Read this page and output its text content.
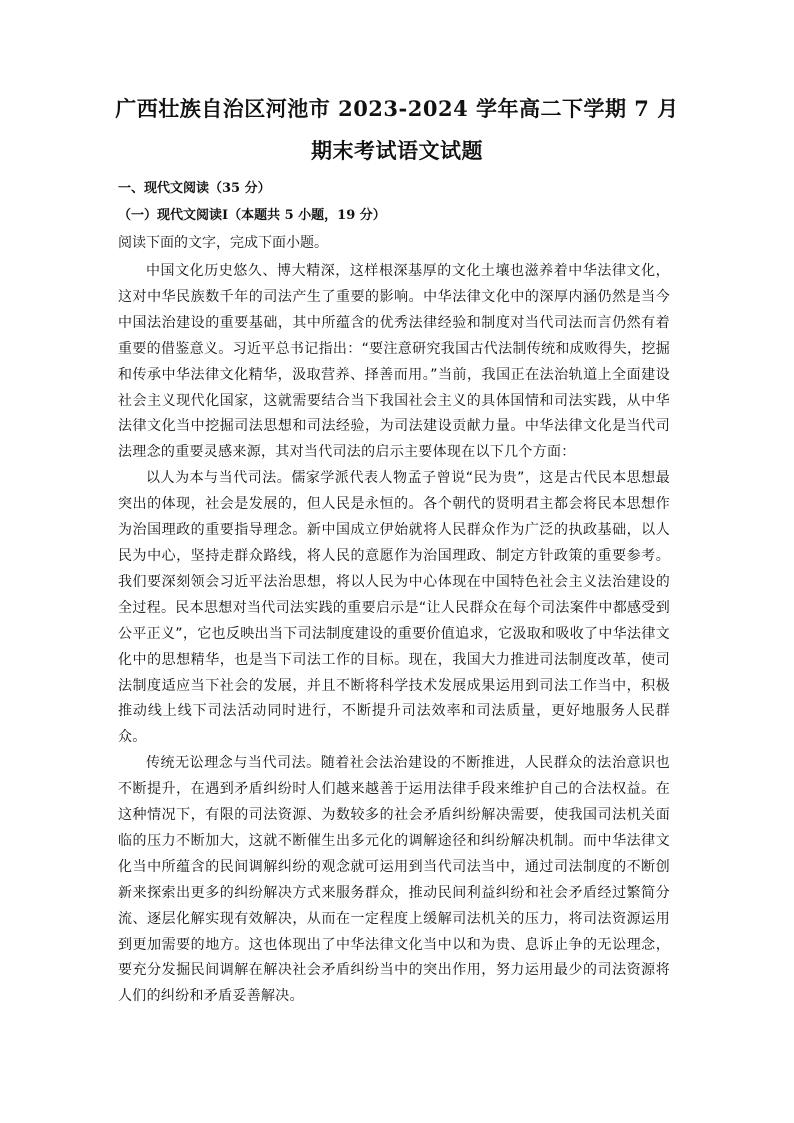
广西壮族自治区河池市 2023-2024 学年高二下学期 7 月
期末考试语文试题
一、现代文阅读（35 分）
（一）现代文阅读Ⅰ（本题共 5 小题，19 分）
阅读下面的文字，完成下面小题。

中国文化历史悠久、博大精深，这样根深基厚的文化土壤也滋养着中华法律文化，这对中华民族数千年的司法产生了重要的影响。中华法律文化中的深厚内涵仍然是当今中国法治建设的重要基础，其中所蕴含的优秀法律经验和制度对当代司法而言仍然有着重要的借鉴意义。习近平总书记指出：“要注意研究我国古代法制传统和成败得失，挖掘和传承中华法律文化精华，汲取营养、择善而用。”当前，我国正在法治轨道上全面建设社会主义现代化国家，这就需要结合当下我国社会主义的具体国情和司法实践，从中华法律文化当中挖掘司法思想和司法经验，为司法建设贡献力量。中华法律文化是当代司法理念的重要灵感来源，其对当代司法的启示主要体现在以下几个方面：

以人为本与当代司法。儒家学派代表人物孟子曾说“民为贵”，这是古代民本思想最突出的体现，社会是发展的，但人民是永恒的。各个朝代的贤明君主都会将民本思想作为治国理政的重要指导理念。新中国成立伊始就将人民群众作为广泛的执政基础，以人民为中心，坚持走群众路线，将人民的意愿作为治国理政、制定方针政策的重要参考。我们要深刻领会习近平法治思想，将以人民为中心体现在中国特色社会主义法治建设的全过程。民本思想对当代司法实践的重要启示是“让人民群众在每个司法案件中都感受到公平正义”，它也反映出当下司法制度建设的重要价值追求，它汲取和吸收了中华法律文化中的思想精华，也是当下司法工作的目标。现在，我国大力推进司法制度改革，使司法制度适应当下社会的发展，并且不断将科学技术发展成果运用到司法工作当中，积极推动线上线下司法活动同时进行，不断提升司法效率和司法质量，更好地服务人民群众。

传统无讼理念与当代司法。随着社会法治建设的不断推进，人民群众的法治意识也不断提升，在遇到矛盾纠纷时人们越来越善于运用法律手段来维护自己的合法权益。在这种情况下，有限的司法资源、为数较多的社会矛盾纠纷解决需要，使我国司法机关面临的压力不断加大，这就不断催生出多元化的调解途径和纠纷解决机制。而中华法律文化当中所蕴含的民间调解纠纷的观念就可运用到当代司法当中，通过司法制度的不断创新来探索出更多的纠纷解决方式来服务群众，推动民间利益纠纷和社会矛盾经过繁简分流、逐层化解实现有效解决，从而在一定程度上缓解司法机关的压力，将司法资源运用到更加需要的地方。这也体现出了中华法律文化当中以和为贵、息诉止争的无讼理念，要充分发掘民间调解在解决社会矛盾纠纷当中的突出作用，努力运用最少的司法资源将人们的纠纷和矛盾妥善解决。
